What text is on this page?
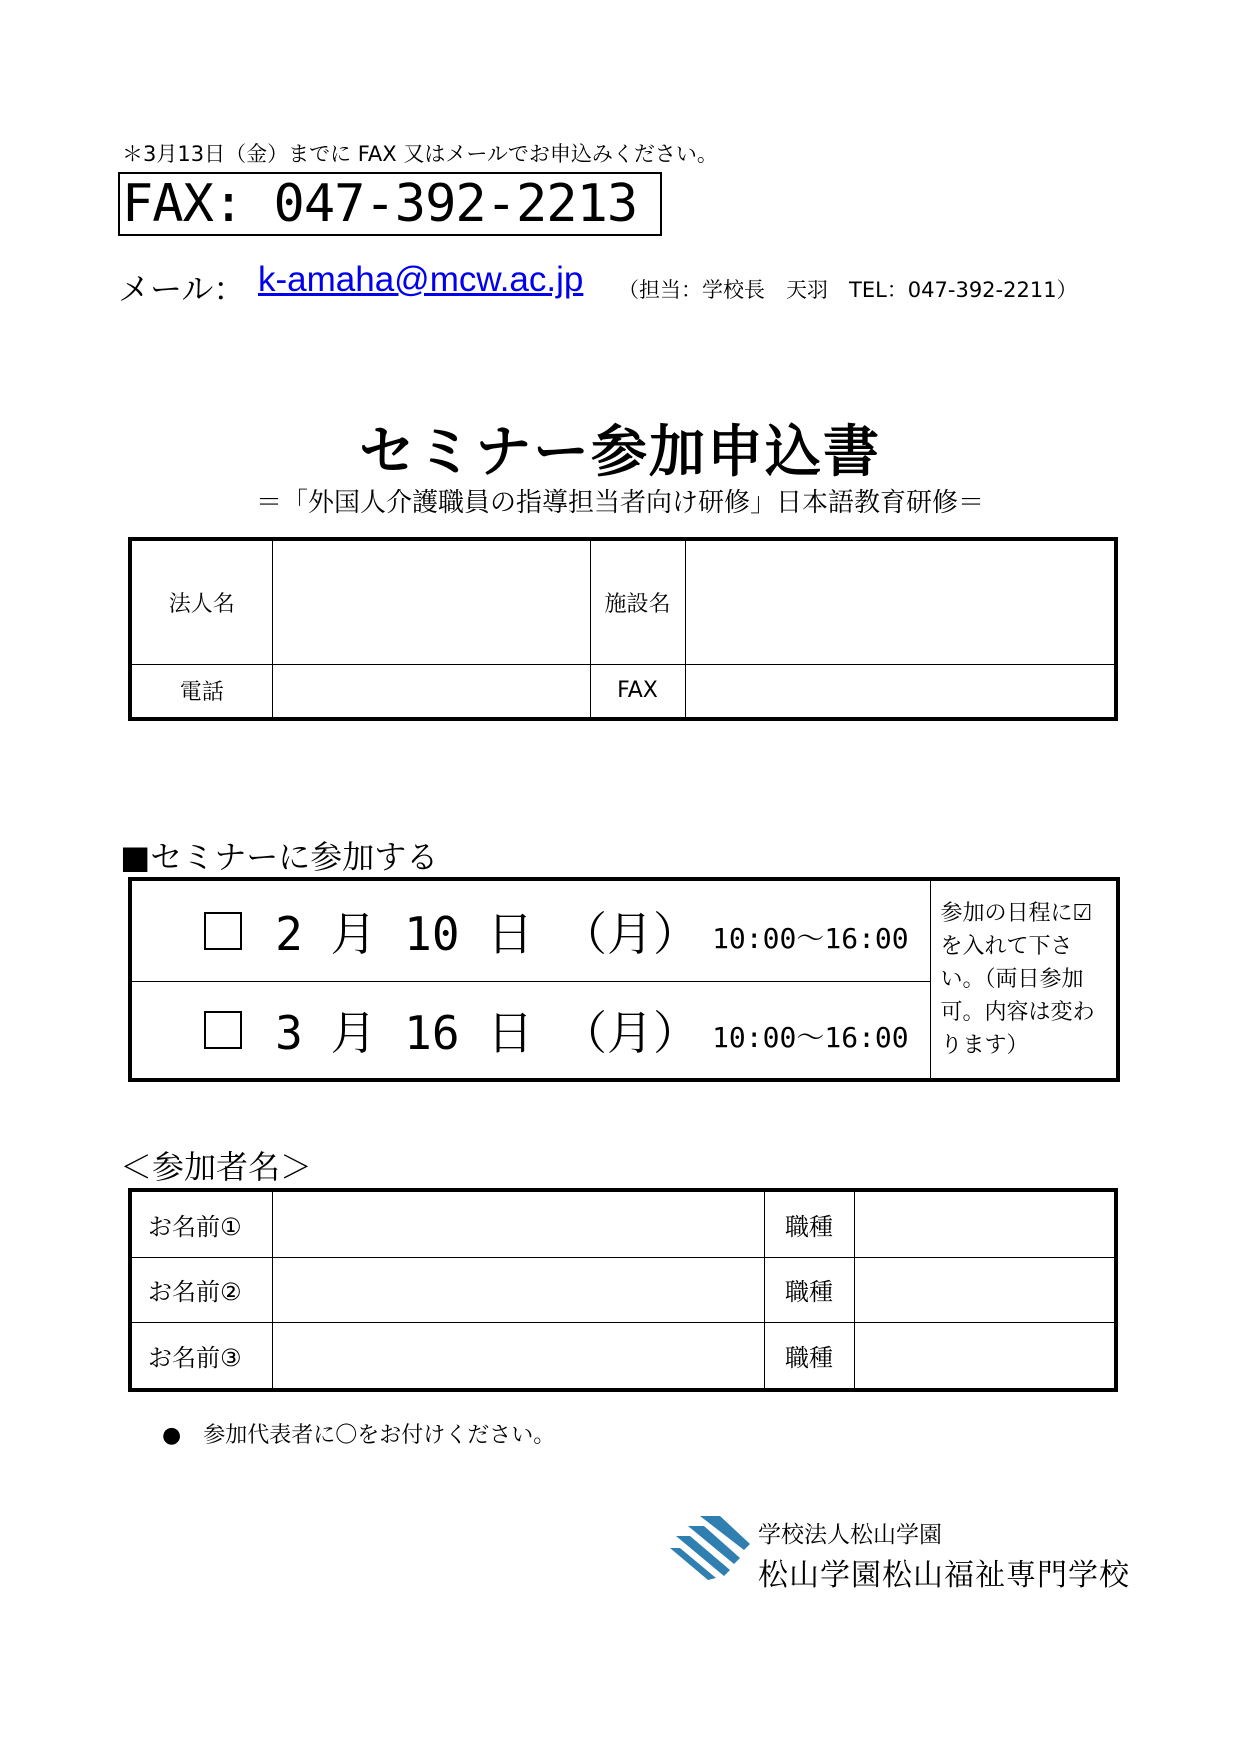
＊3月13日（金）までに FAX 又はメールでお申込みください。
FAX: 047-392-2213
メール： k-amaha@mcw.ac.jp （担当：学校長　天羽　TEL：047-392-2211）
セミナー参加申込書
＝「外国人介護職員の指導担当者向け研修」日本語教育研修＝
法人名		施設名	
電話		FAX	
■セミナーに参加する
2 月 10 日 （月） 10:00～16:00
	参加の日程に☑を入れて下さい。（両日参加可。内容は変わります）

3 月 16 日 （月） 10:00～16:00
＜参加者名＞
お名前①		職種	
お名前②		職種	
お名前③		職種	
●　参加代表者に〇をお付けください。
学校法人松山学園
松山学園松山福祉専門学校
